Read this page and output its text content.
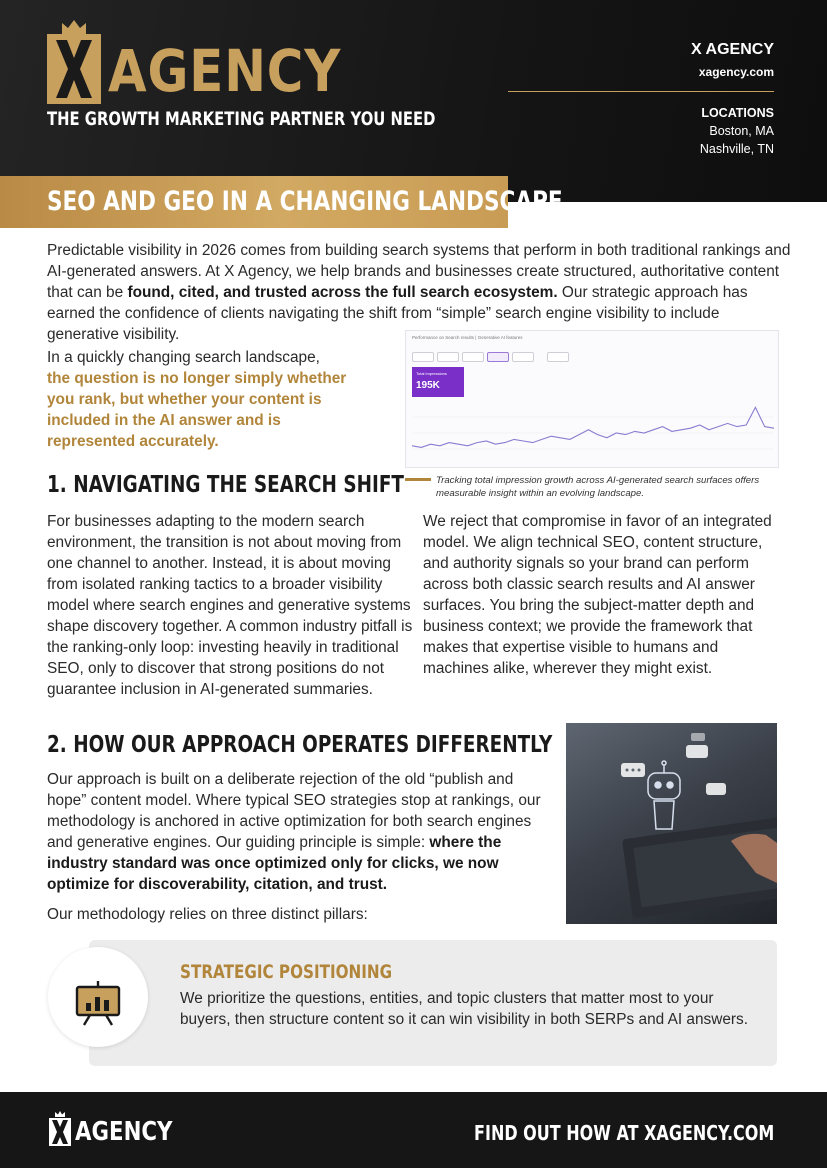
AGENCY
THE GROWTH MARKETING PARTNER YOU NEED
X AGENCY
xagency.com
LOCATIONS
Boston, MA
Nashville, TN
SEO AND GEO IN A CHANGING LANDSCAPE
Predictable visibility in 2026 comes from building search systems that perform in both traditional rankings and AI-generated answers. At X Agency, we help brands and businesses create structured, authoritative content that can be found, cited, and trusted across the full search ecosystem. Our strategic approach has earned the confidence of clients navigating the shift from “simple” search engine visibility to include generative visibility.
In a quickly changing search landscape, the question is no longer simply whether you rank, but whether your content is included in the AI answer and is represented accurately.
Performance on Search results | Generative AI features
Total impressions
195K
Tracking total impression growth across AI-generated search surfaces offers measurable insight within an evolving landscape.
1. NAVIGATING THE SEARCH SHIFT
For businesses adapting to the modern search environment, the transition is not about moving from one channel to another. Instead, it is about moving from isolated ranking tactics to a broader visibility model where search engines and generative systems shape discovery together. A common industry pitfall is the ranking-only loop: investing heavily in traditional SEO, only to discover that strong positions do not guarantee inclusion in AI-generated summaries.
We reject that compromise in favor of an integrated model. We align technical SEO, content structure, and authority signals so your brand can perform across both classic search results and AI answer surfaces. You bring the subject-matter depth and business context; we provide the framework that makes that expertise visible to humans and machines alike, wherever they might exist.
2. HOW OUR APPROACH OPERATES DIFFERENTLY
Our approach is built on a deliberate rejection of the old “publish and hope” content model. Where typical SEO strategies stop at rankings, our methodology is anchored in active optimization for both search engines and generative engines. Our guiding principle is simple: where the industry standard was once optimized only for clicks, we now optimize for discoverability, citation, and trust.
Our methodology relies on three distinct pillars:
STRATEGIC POSITIONING
We prioritize the questions, entities, and topic clusters that matter most to your buyers, then structure content so it can win visibility in both SERPs and AI answers.
AGENCY	FIND OUT HOW AT XAGENCY.COM
